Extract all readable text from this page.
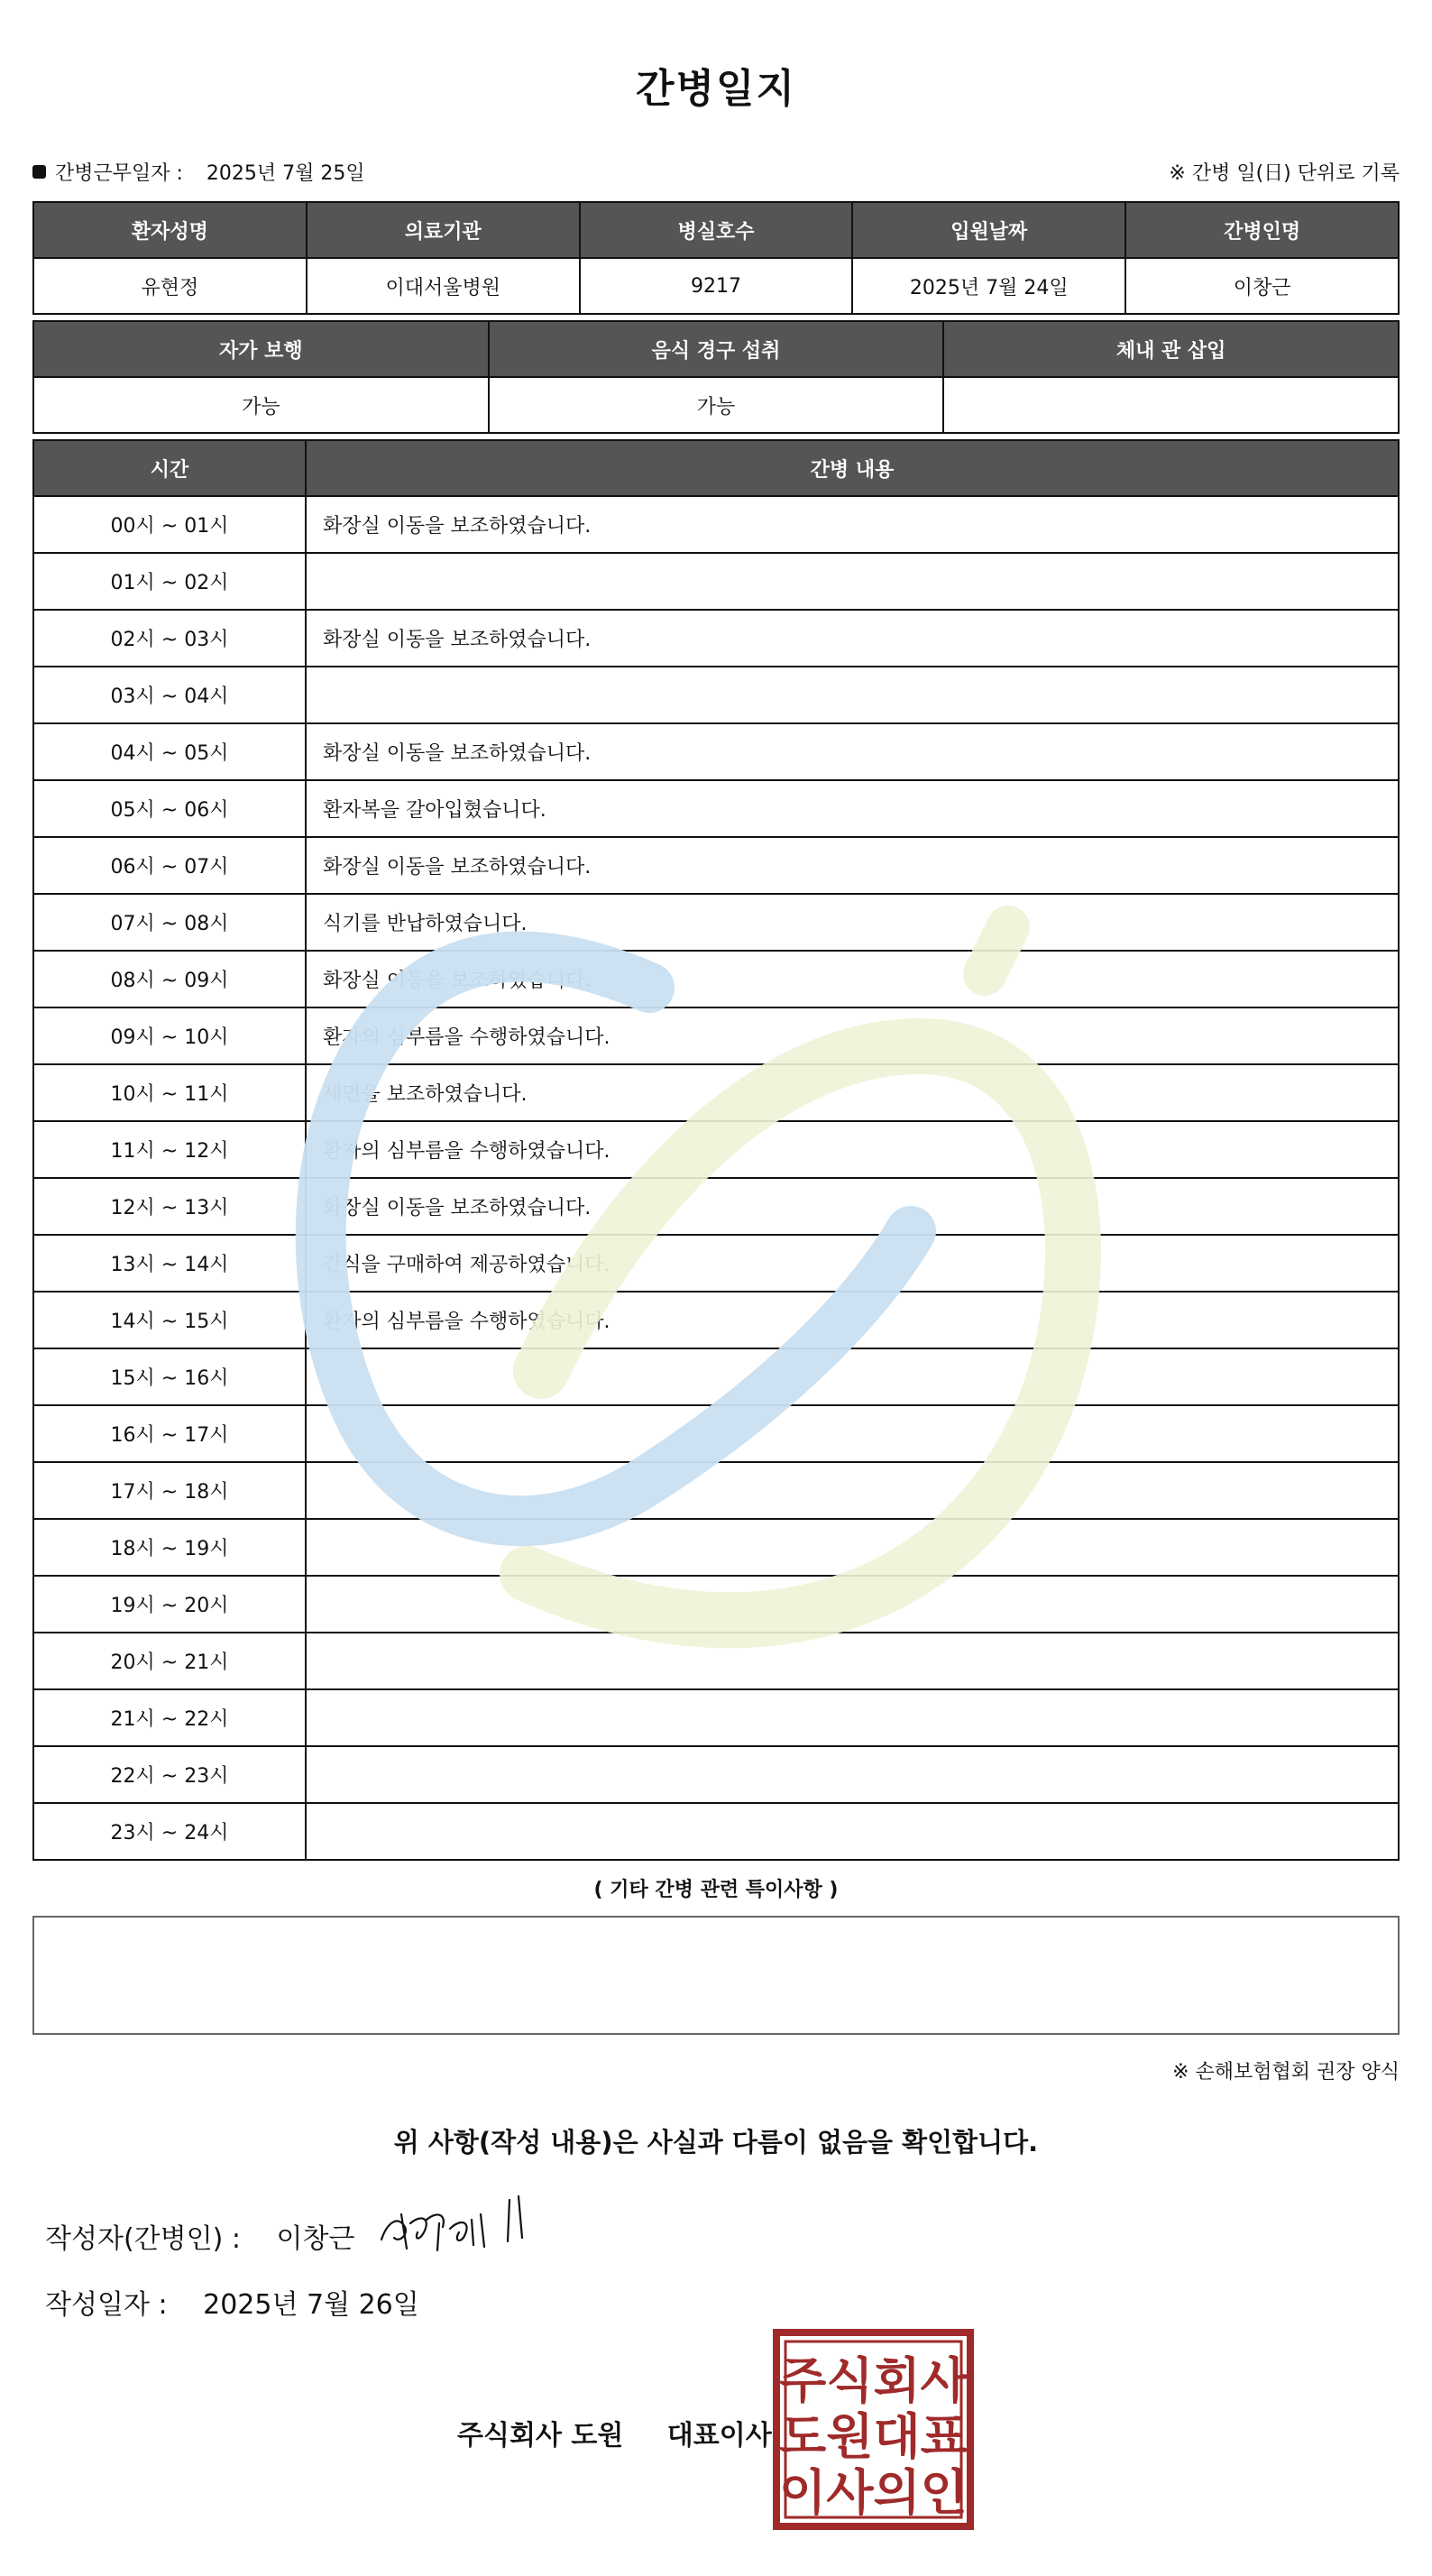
간병일지
간병근무일자 : 2025년 7월 25일	※ 간병 일(日) 단위로 기록
환자성명	의료기관	병실호수	입원날짜	간병인명
유현정	이대서울병원	9217	2025년 7월 24일	이창근
자가 보행	음식 경구 섭취	체내 관 삽입
가능	가능	
시간	간병 내용
00시 ~ 01시	화장실 이동을 보조하였습니다.
01시 ~ 02시	
02시 ~ 03시	화장실 이동을 보조하였습니다.
03시 ~ 04시	
04시 ~ 05시	화장실 이동을 보조하였습니다.
05시 ~ 06시	환자복을 갈아입혔습니다.
06시 ~ 07시	화장실 이동을 보조하였습니다.
07시 ~ 08시	식기를 반납하였습니다.
08시 ~ 09시	화장실 이동을 보조하였습니다.
09시 ~ 10시	환자의 심부름을 수행하였습니다.
10시 ~ 11시	세면을 보조하였습니다.
11시 ~ 12시	환자의 심부름을 수행하였습니다.
12시 ~ 13시	화장실 이동을 보조하였습니다.
13시 ~ 14시	간식을 구매하여 제공하였습니다.
14시 ~ 15시	환자의 심부름을 수행하였습니다.
15시 ~ 16시	
16시 ~ 17시	
17시 ~ 18시	
18시 ~ 19시	
19시 ~ 20시	
20시 ~ 21시	
21시 ~ 22시	
22시 ~ 23시	
23시 ~ 24시	
( 기타 간병 관련 특이사항 )
※ 손해보험협회 권장 양식
위 사항(작성 내용)은 사실과 다름이 없음을 확인합니다.
작성자(간병인) : 이창근
작성일자 : 2025년 7월 26일
주식회사 도원 대표이사
주식회사
도원대표
이사의인
